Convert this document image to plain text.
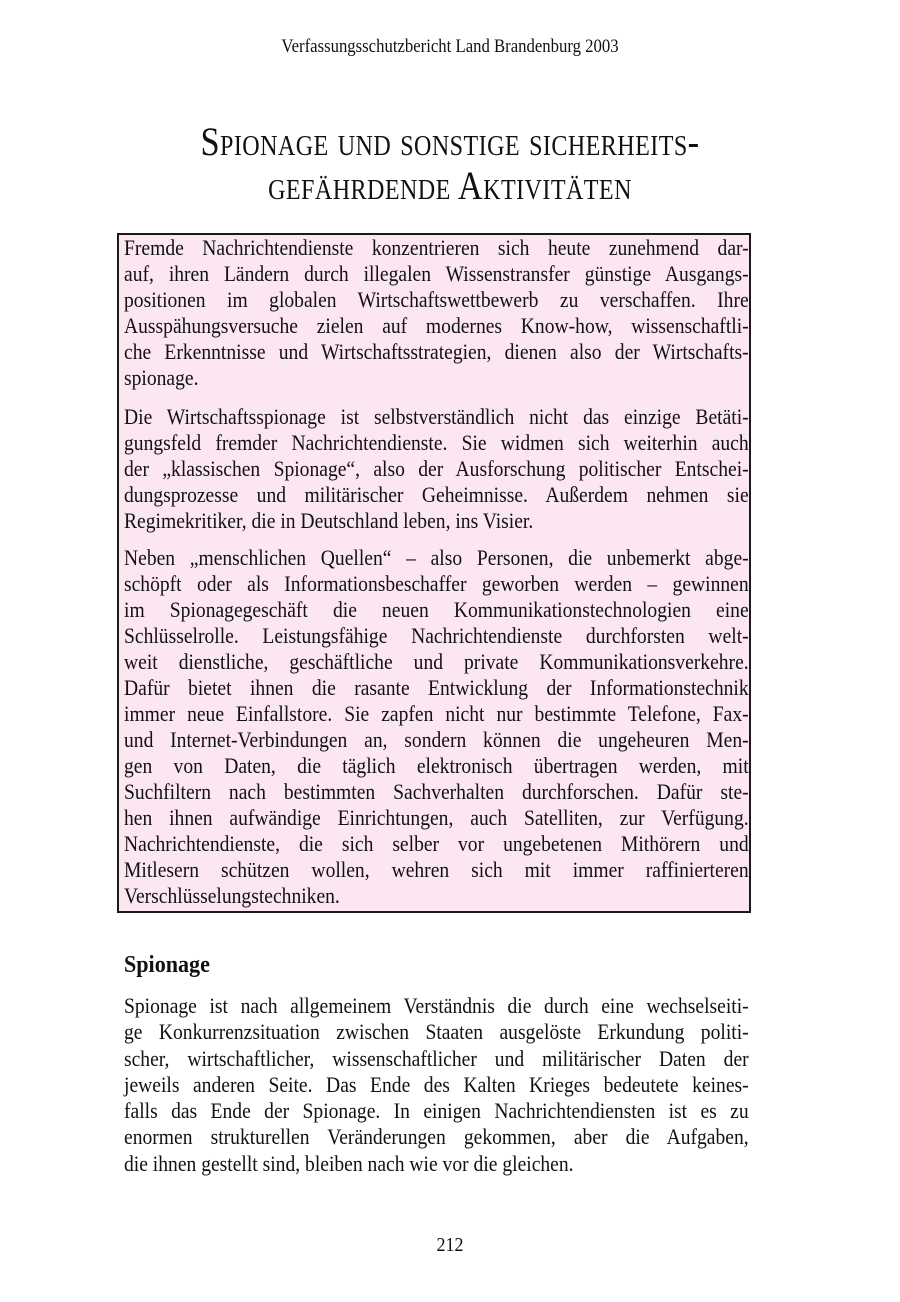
Verfassungsschutzbericht Land Brandenburg 2003
Spionage und sonstige sicherheits-
gefährdende Aktivitäten
Fremde Nachrichtendienste konzentrieren sich heute zunehmend dar-
auf, ihren Ländern durch illegalen Wissenstransfer günstige Ausgangs-
positionen im globalen Wirtschaftswettbewerb zu verschaffen. Ihre
Ausspähungsversuche zielen auf modernes Know-how, wissenschaftli-
che Erkenntnisse und Wirtschaftsstrategien, dienen also der Wirtschafts-
spionage.
Die Wirtschaftsspionage ist selbstverständlich nicht das einzige Betäti-
gungsfeld fremder Nachrichtendienste. Sie widmen sich weiterhin auch
der „klassischen Spionage“, also der Ausforschung politischer Entschei-
dungsprozesse und militärischer Geheimnisse. Außerdem nehmen sie
Regimekritiker, die in Deutschland leben, ins Visier.
Neben „menschlichen Quellen“ – also Personen, die unbemerkt abge-
schöpft oder als Informationsbeschaffer geworben werden – gewinnen
im Spionagegeschäft die neuen Kommunikationstechnologien eine
Schlüsselrolle. Leistungsfähige Nachrichtendienste durchforsten welt-
weit dienstliche, geschäftliche und private Kommunikationsverkehre.
Dafür bietet ihnen die rasante Entwicklung der Informationstechnik
immer neue Einfallstore. Sie zapfen nicht nur bestimmte Telefone, Fax-
und Internet-Verbindungen an, sondern können die ungeheuren Men-
gen von Daten, die täglich elektronisch übertragen werden, mit
Suchfiltern nach bestimmten Sachverhalten durchforschen. Dafür ste-
hen ihnen aufwändige Einrichtungen, auch Satelliten, zur Verfügung.
Nachrichtendienste, die sich selber vor ungebetenen Mithörern und
Mitlesern schützen wollen, wehren sich mit immer raffinierteren
Verschlüsselungstechniken.
Spionage
Spionage ist nach allgemeinem Verständnis die durch eine wechselseiti-
ge Konkurrenzsituation zwischen Staaten ausgelöste Erkundung politi-
scher, wirtschaftlicher, wissenschaftlicher und militärischer Daten der
jeweils anderen Seite. Das Ende des Kalten Krieges bedeutete keines-
falls das Ende der Spionage. In einigen Nachrichtendiensten ist es zu
enormen strukturellen Veränderungen gekommen, aber die Aufgaben,
die ihnen gestellt sind, bleiben nach wie vor die gleichen.
212
